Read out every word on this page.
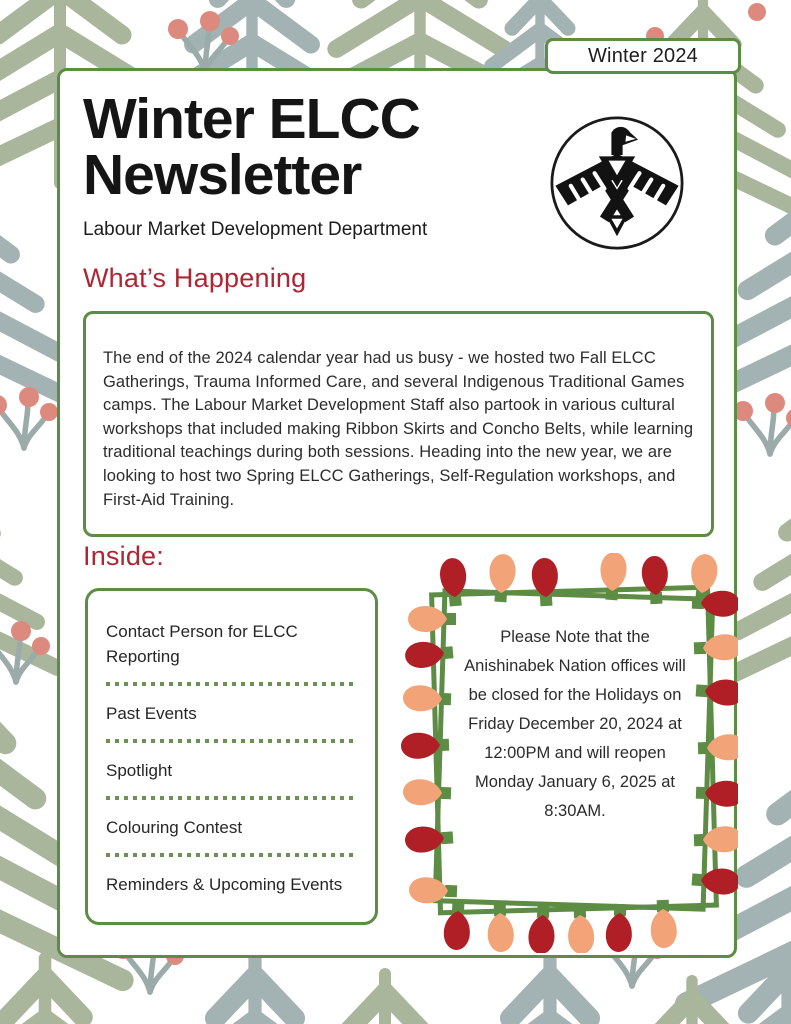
Winter 2024
Winter ELCC
Newsletter
Labour Market Development Department
What’s Happening

The end of the 2024 calendar year had us busy - we hosted two Fall ELCC Gatherings, Trauma Informed Care, and several Indigenous Traditional Games camps. The Labour Market Development Staff also partook in various cultural workshops that included making Ribbon Skirts and Concho Belts, while learning traditional teachings during both sessions. Heading into the new year, we are looking to host two Spring ELCC Gatherings, Self-Regulation workshops, and First-Aid Training.

Inside:
Contact Person for ELCC Reporting
Past Events
Spotlight
Colouring Contest
Reminders & Upcoming Events
Please Note that the Anishinabek Nation offices will be closed for the Holidays on Friday December 20, 2024 at 12:00PM and will reopen Monday January 6, 2025 at 8:30AM.
